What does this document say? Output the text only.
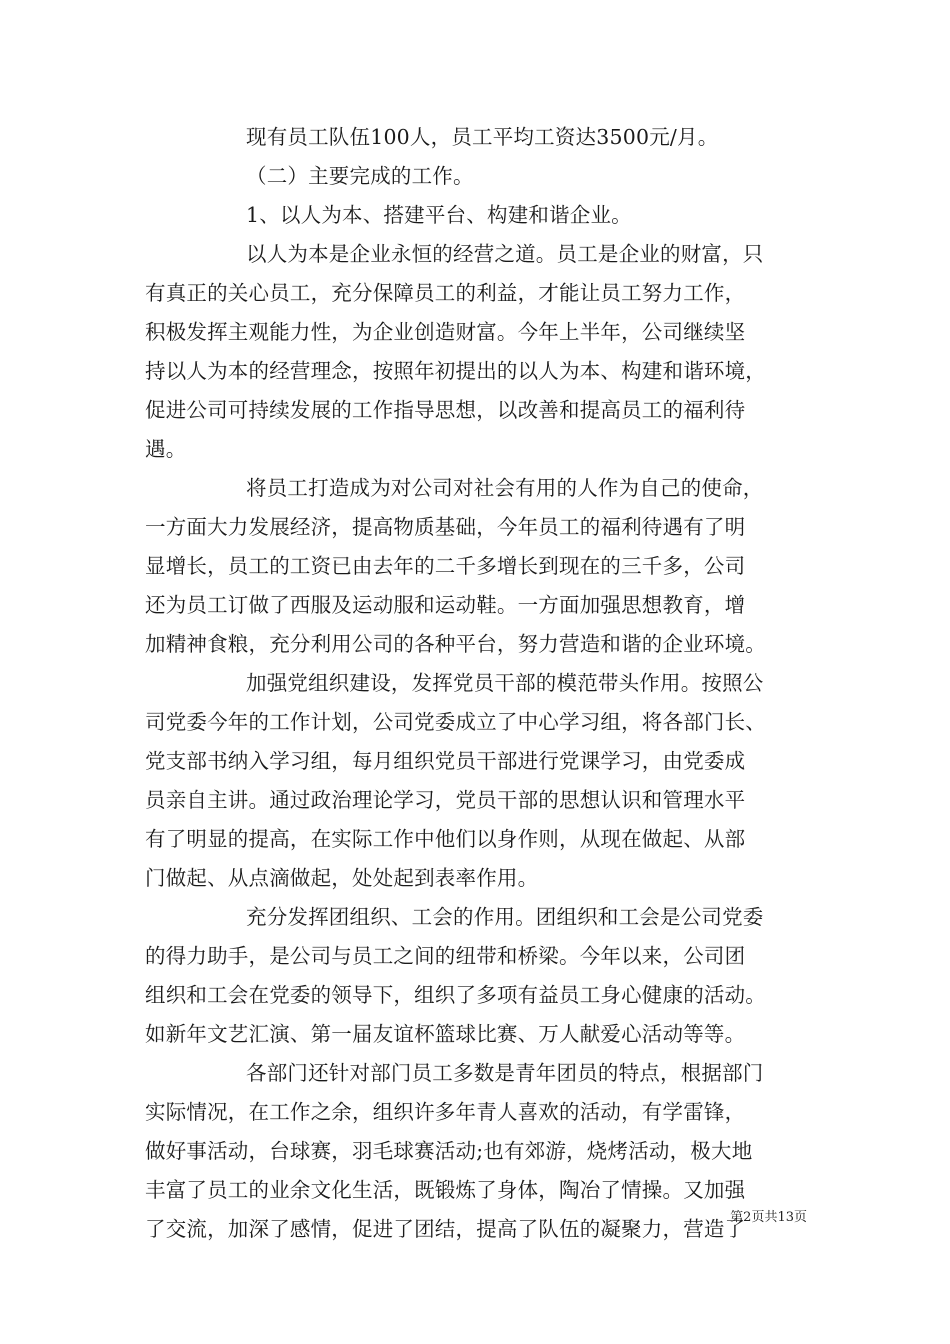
现有员工队伍100人，员工平均工资达3500元/月。
（二）主要完成的工作。
1、以人为本、搭建平台、构建和谐企业。
以人为本是企业永恒的经营之道。员工是企业的财富，只
有真正的关心员工，充分保障员工的利益，才能让员工努力工作，
积极发挥主观能力性，为企业创造财富。今年上半年，公司继续坚
持以人为本的经营理念，按照年初提出的以人为本、构建和谐环境，
促进公司可持续发展的工作指导思想，以改善和提高员工的福利待
遇。
将员工打造成为对公司对社会有用的人作为自己的使命，
一方面大力发展经济，提高物质基础，今年员工的福利待遇有了明
显增长，员工的工资已由去年的二千多增长到现在的三千多，公司
还为员工订做了西服及运动服和运动鞋。一方面加强思想教育，增
加精神食粮，充分利用公司的各种平台，努力营造和谐的企业环境。
加强党组织建设，发挥党员干部的模范带头作用。按照公
司党委今年的工作计划，公司党委成立了中心学习组，将各部门长、
党支部书纳入学习组，每月组织党员干部进行党课学习，由党委成
员亲自主讲。通过政治理论学习，党员干部的思想认识和管理水平
有了明显的提高，在实际工作中他们以身作则，从现在做起、从部
门做起、从点滴做起，处处起到表率作用。
充分发挥团组织、工会的作用。团组织和工会是公司党委
的得力助手，是公司与员工之间的纽带和桥梁。今年以来，公司团
组织和工会在党委的领导下，组织了多项有益员工身心健康的活动。
如新年文艺汇演、第一届友谊杯篮球比赛、万人献爱心活动等等。
各部门还针对部门员工多数是青年团员的特点，根据部门
实际情况，在工作之余，组织许多年青人喜欢的活动，有学雷锋，
做好事活动，台球赛，羽毛球赛活动;也有郊游，烧烤活动，极大地
丰富了员工的业余文化生活，既锻炼了身体，陶冶了情操。又加强
了交流，加深了感情，促进了团结，提高了队伍的凝聚力，营造了
第2页共13页
